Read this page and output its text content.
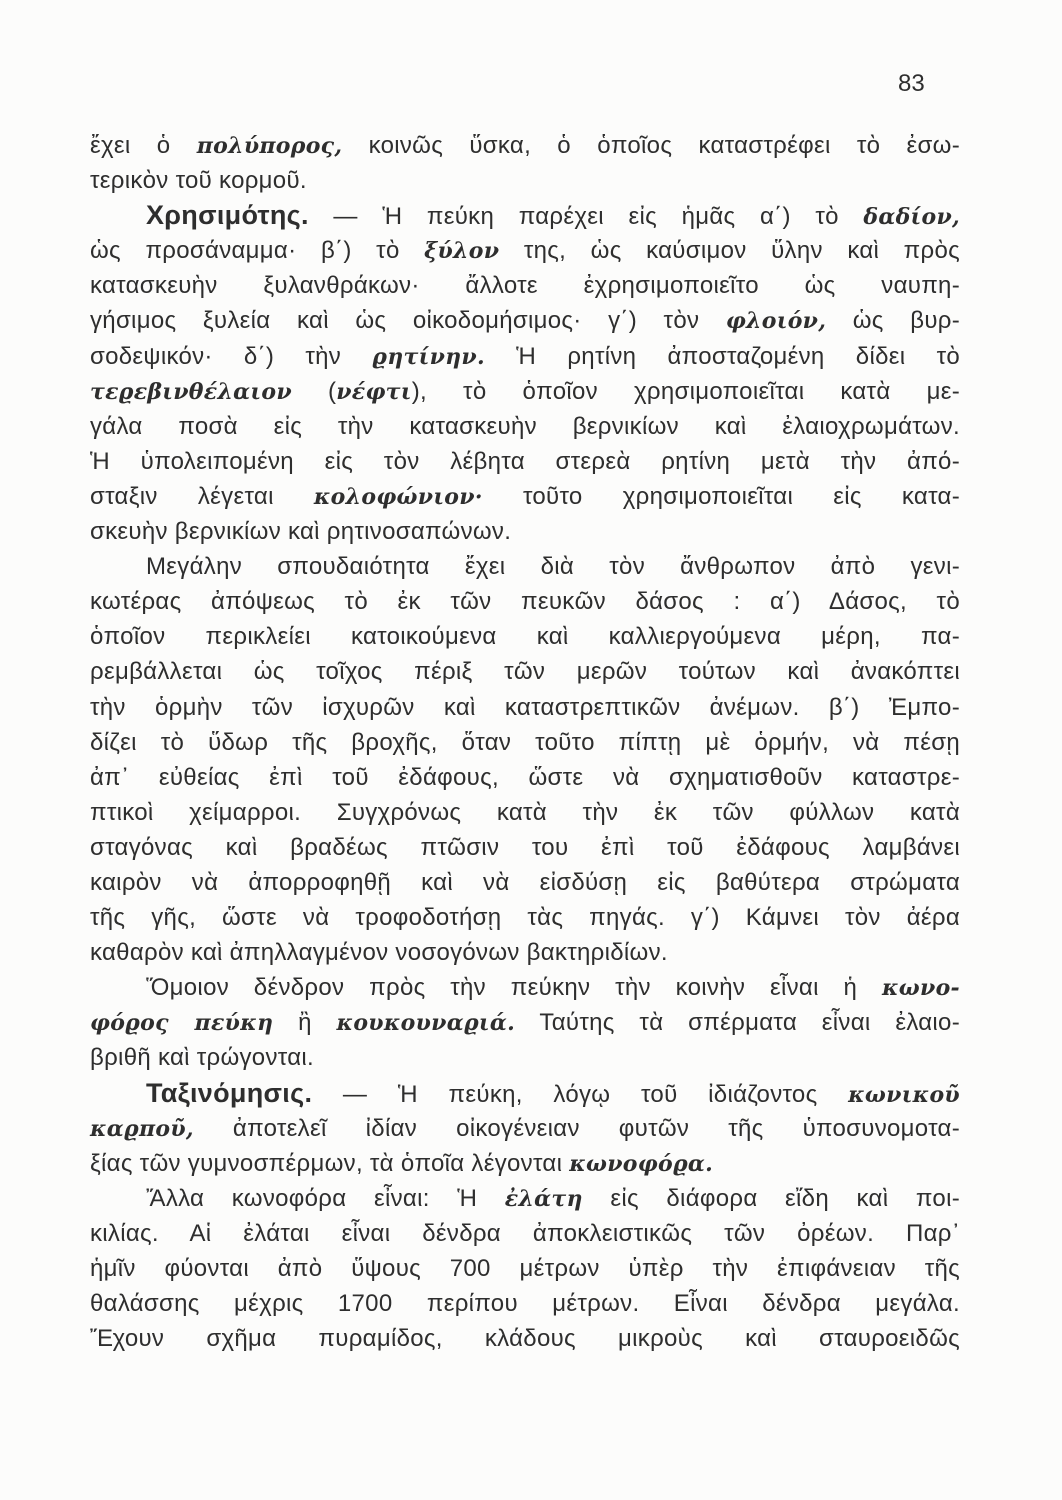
83
ἔχει ὁ πολύπορος, κοινῶς ὕσκα, ὁ ὁποῖος καταστρέφει τὸ ἐσω-
τερικὸν τοῦ κορμοῦ.
Χρησιμότης. — Ἡ πεύκη παρέχει εἰς ἡμᾶς α΄) τὸ δαδίον,
ὡς προσάναμμα· β΄) τὸ ξύλον της, ὡς καύσιμον ὕλην καὶ πρὸς
κατασκευὴν ξυλανθράκων· ἄλλοτε ἐχρησιμοποιεῖτο ὡς ναυπη-
γήσιμος ξυλεία καὶ ὡς οἰκοδομήσιμος· γ΄) τὸν φλοιόν, ὡς βυρ-
σοδεψικόν· δ΄) τὴν ϱητίνην. Ἡ ρητίνη ἀποσταζομένη δίδει τὸ
τεϱεβινθέλαιον (νέφτι), τὸ ὁποῖον χρησιμοποιεῖται κατὰ με-
γάλα ποσὰ εἰς τὴν κατασκευὴν βερνικίων καὶ ἐλαιοχρωμάτων.
Ἡ ὑπολειπομένη εἰς τὸν λέβητα στερεὰ ρητίνη μετὰ τὴν ἀπό-
σταξιν λέγεται κολοφώνιον· τοῦτο χρησιμοποιεῖται εἰς κατα-
σκευὴν βερνικίων καὶ ρητινοσαπώνων.
Μεγάλην σπουδαιότητα ἔχει διὰ τὸν ἄνθρωπον ἀπὸ γενι-
κωτέρας ἀπόψεως τὸ ἐκ τῶν πευκῶν δάσος : α΄) Δάσος, τὸ
ὁποῖον περικλείει κατοικούμενα καὶ καλλιεργούμενα μέρη, πα-
ρεμβάλλεται ὡς τοῖχος πέριξ τῶν μερῶν τούτων καὶ ἀνακόπτει
τὴν ὁρμὴν τῶν ἰσχυρῶν καὶ καταστρεπτικῶν ἀνέμων. β΄) Ἐμπο-
δίζει τὸ ὕδωρ τῆς βροχῆς, ὅταν τοῦτο πίπτῃ μὲ ὁρμήν, νὰ πέσῃ
ἀπ᾽ εὐθείας ἐπὶ τοῦ ἐδάφους, ὥστε νὰ σχηματισθοῦν καταστρε-
πτικοὶ χείμαρροι. Συγχρόνως κατὰ τὴν ἐκ τῶν φύλλων κατὰ
σταγόνας καὶ βραδέως πτῶσιν του ἐπὶ τοῦ ἐδάφους λαμβάνει
καιρὸν νὰ ἀπορροφηθῇ καὶ νὰ εἰσδύσῃ εἰς βαθύτερα στρώματα
τῆς γῆς, ὥστε νὰ τροφοδοτήσῃ τὰς πηγάς. γ΄) Κάμνει τὸν ἀέρα
καθαρὸν καὶ ἀπηλλαγμένον νοσογόνων βακτηριδίων.
Ὅμοιον δένδρον πρὸς τὴν πεύκην τὴν κοινὴν εἶναι ἡ κωνο-
φόϱος πεύκη ἢ κουκουναϱιά. Ταύτης τὰ σπέρματα εἶναι ἐλαιο-
βριθῆ καὶ τρώγονται.
Ταξινόμησις. — Ἡ πεύκη, λόγῳ τοῦ ἰδιάζοντος κωνικοῦ
καϱποῦ, ἀποτελεῖ ἰδίαν οἰκογένειαν φυτῶν τῆς ὑποσυνομοτα-
ξίας τῶν γυμνοσπέρμων, τὰ ὁποῖα λέγονται κωνοφόϱα.
Ἄλλα κωνοφόρα εἶναι: Ἡ ἐλάτη εἰς διάφορα εἴδη καὶ ποι-
κιλίας. Αἱ ἐλάται εἶναι δένδρα ἀποκλειστικῶς τῶν ὀρέων. Παρ᾽
ἡμῖν φύονται ἀπὸ ὕψους 700 μέτρων ὑπὲρ τὴν ἐπιφάνειαν τῆς
θαλάσσης μέχρις 1700 περίπου μέτρων. Εἶναι δένδρα μεγάλα.
Ἔχουν σχῆμα πυραμίδος, κλάδους μικροὺς καὶ σταυροειδῶς
